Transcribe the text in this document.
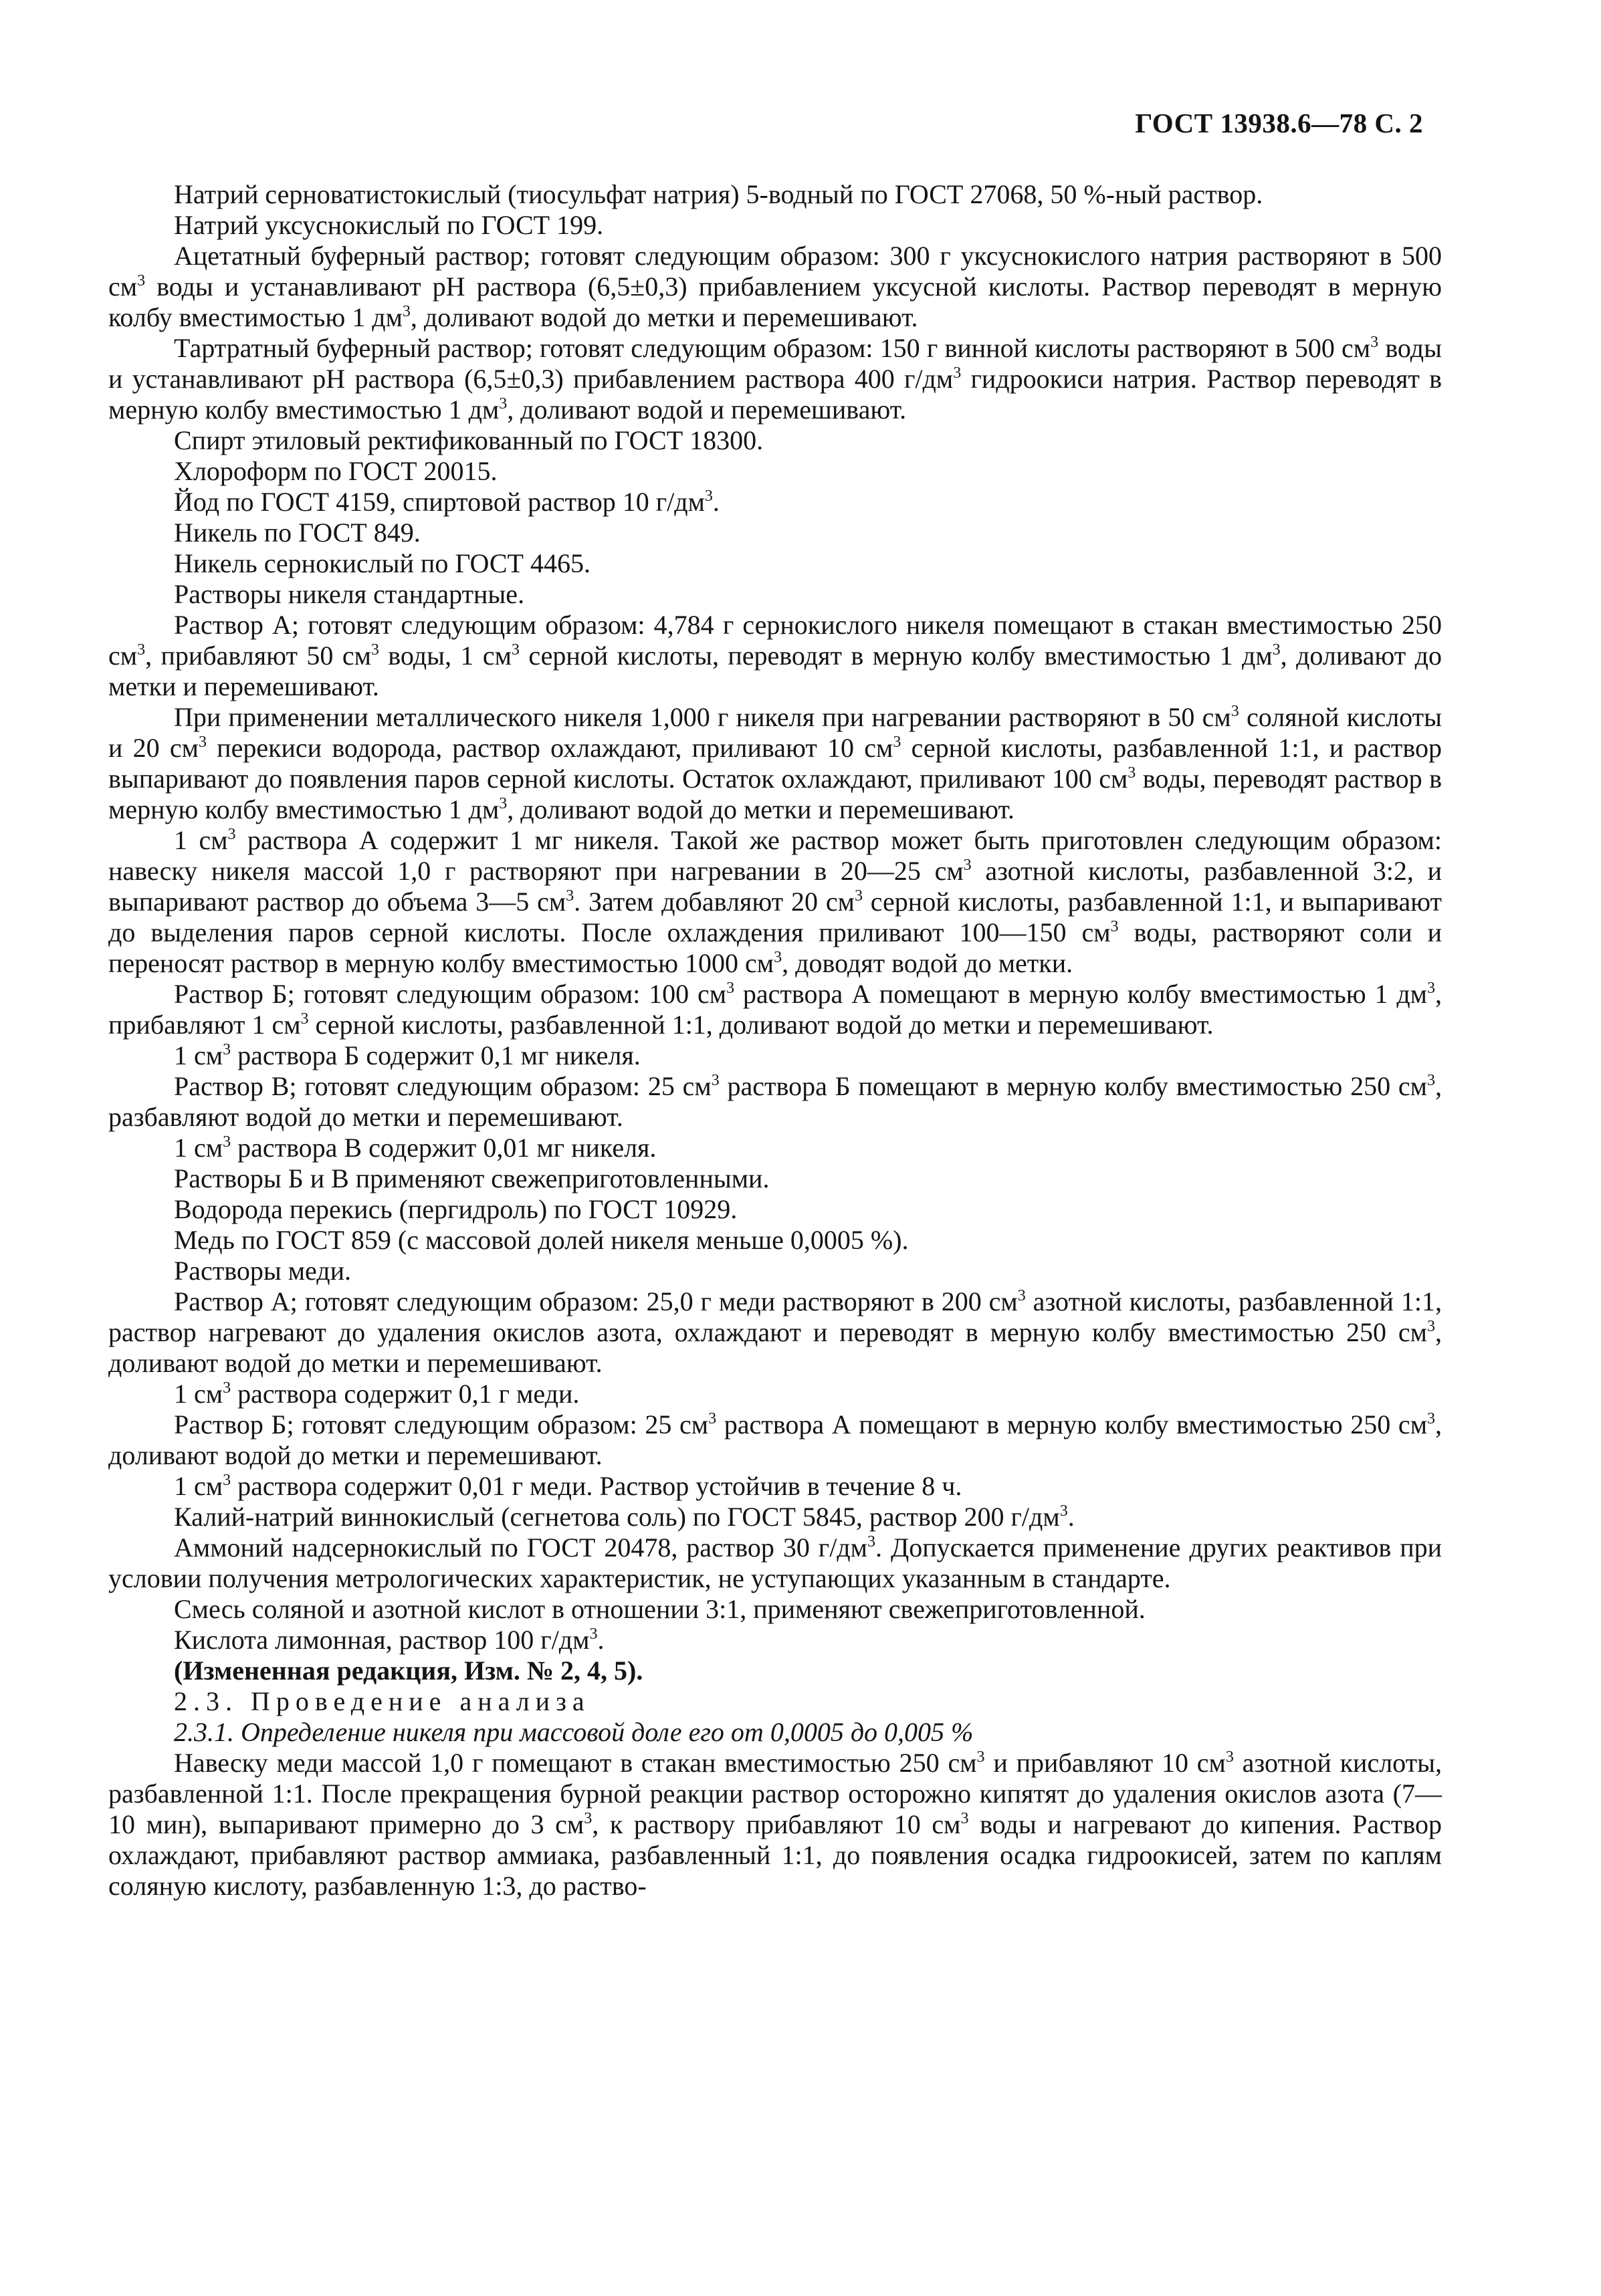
ГОСТ 13938.6—78 С. 2

Натрий серноватистокислый (тиосульфат натрия) 5-водный по ГОСТ 27068, 50 %-ный раствор.

Натрий уксуснокислый по ГОСТ 199.

Ацетатный буферный раствор; готовят следующим образом: 300 г уксуснокислого натрия растворяют в 500 $см^3$ воды и устанавливают pH раствора (6,5±0,3) прибавлением уксусной кислоты. Раствор переводят в мерную колбу вместимостью 1 $дм^3$, доливают водой до метки и перемешивают.

Тартратный буферный раствор; готовят следующим образом: 150 г винной кислоты растворяют в 500 $см^3$ воды и устанавливают pH раствора (6,5±0,3) прибавлением раствора 400 $г/дм^3$ гидроокиси натрия. Раствор переводят в мерную колбу вместимостью 1 $дм^3$, доливают водой и перемешивают.

Спирт этиловый ректификованный по ГОСТ 18300.

Хлороформ по ГОСТ 20015.

Йод по ГОСТ 4159, спиртовой раствор 10 $г/дм^3$.

Никель по ГОСТ 849.

Никель сернокислый по ГОСТ 4465.

Растворы никеля стандартные.

Раствор А; готовят следующим образом: 4,784 г сернокислого никеля помещают в стакан вместимостью 250 $см^3$, прибавляют 50 $см^3$ воды, 1 $см^3$ серной кислоты, переводят в мерную колбу вместимостью 1 $дм^3$, доливают до метки и перемешивают.

При применении металлического никеля 1,000 г никеля при нагревании растворяют в 50 $см^3$ соляной кислоты и 20 $см^3$ перекиси водорода, раствор охлаждают, приливают 10 $см^3$ серной кислоты, разбавленной 1:1, и раствор выпаривают до появления паров серной кислоты. Остаток охлаждают, приливают 100 $см^3$ воды, переводят раствор в мерную колбу вместимостью 1 $дм^3$, доливают водой до метки и перемешивают.

1 $см^3$ раствора А содержит 1 мг никеля. Такой же раствор может быть приготовлен следующим образом: навеску никеля массой 1,0 г растворяют при нагревании в 20—25 $см^3$ азотной кислоты, разбавленной 3:2, и выпаривают раствор до объема 3—5 $см^3$. Затем добавляют 20 $см^3$ серной кислоты, разбавленной 1:1, и выпаривают до выделения паров серной кислоты. После охлаждения приливают 100—150 $см^3$ воды, растворяют соли и переносят раствор в мерную колбу вместимостью 1000 $см^3$, доводят водой до метки.

Раствор Б; готовят следующим образом: 100 $см^3$ раствора А помещают в мерную колбу вместимостью 1 $дм^3$, прибавляют 1 $см^3$ серной кислоты, разбавленной 1:1, доливают водой до метки и перемешивают.

1 $см^3$ раствора Б содержит 0,1 мг никеля.

Раствор В; готовят следующим образом: 25 $см^3$ раствора Б помещают в мерную колбу вместимостью 250 $см^3$, разбавляют водой до метки и перемешивают.

1 $см^3$ раствора В содержит 0,01 мг никеля.

Растворы Б и В применяют свежеприготовленными.

Водорода перекись (пергидроль) по ГОСТ 10929.

Медь по ГОСТ 859 (с массовой долей никеля меньше 0,0005 %).

Растворы меди.

Раствор А; готовят следующим образом: 25,0 г меди растворяют в 200 $см^3$ азотной кислоты, разбавленной 1:1, раствор нагревают до удаления окислов азота, охлаждают и переводят в мерную колбу вместимостью 250 $см^3$, доливают водой до метки и перемешивают.

1 $см^3$ раствора содержит 0,1 г меди.

Раствор Б; готовят следующим образом: 25 $см^3$ раствора А помещают в мерную колбу вместимостью 250 $см^3$, доливают водой до метки и перемешивают.

1 $см^3$ раствора содержит 0,01 г меди. Раствор устойчив в течение 8 ч.

Калий-натрий виннокислый (сегнетова соль) по ГОСТ 5845, раствор 200 $г/дм^3$.

Аммоний надсернокислый по ГОСТ 20478, раствор 30 $г/дм^3$. Допускается применение других реактивов при условии получения метрологических характеристик, не уступающих указанным в стандарте.

Смесь соляной и азотной кислот в отношении 3:1, применяют свежеприготовленной.

Кислота лимонная, раствор 100 $г/дм^3$.

(Измененная редакция, Изм. № 2, 4, 5).

2.3. Проведение анализа

2.3.1. Определение никеля при массовой доле его от 0,0005 до 0,005 %

Навеску меди массой 1,0 г помещают в стакан вместимостью 250 $см^3$ и прибавляют 10 $см^3$ азотной кислоты, разбавленной 1:1. После прекращения бурной реакции раствор осторожно кипятят до удаления окислов азота (7—10 мин), выпаривают примерно до 3 $см^3$, к раствору прибавляют 10 $см^3$ воды и нагревают до кипения. Раствор охлаждают, прибавляют раствор аммиака, разбавленный 1:1, до появления осадка гидроокисей, затем по каплям соляную кислоту, разбавленную 1:3, до раство-
